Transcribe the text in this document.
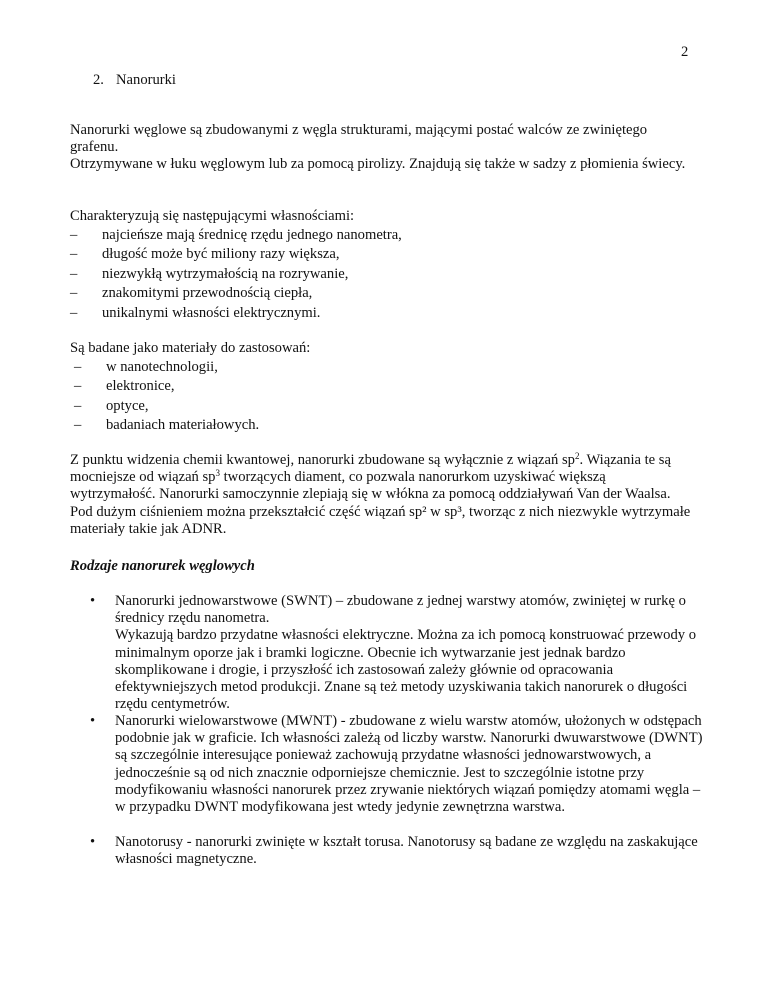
2
2. Nanorurki

Nanorurki węglowe są zbudowanymi z węgla strukturami, mającymi postać walców ze zwiniętego grafenu.

Otrzymywane w łuku węglowym lub za pomocą pirolizy. Znajdują się także w sadzy z płomienia świecy.

Charakteryzują się następującymi własnościami:
– najcieńsze mają średnicę rzędu jednego nanometra,
– długość może być miliony razy większa,
– niezwykłą wytrzymałością na rozrywanie,
– znakomitymi przewodnością ciepła,
– unikalnymi własności elektrycznymi.
Są badane jako materiały do zastosowań:
– w nanotechnologii,
– elektronice,
– optyce,
– badaniach materiałowych.

Z punktu widzenia chemii kwantowej, nanorurki zbudowane są wyłącznie z wiązań $sp^2$. Wiązania te są mocniejsze od wiązań $sp^3$ tworzących diament, co pozwala nanorurkom uzyskiwać większą wytrzymałość. Nanorurki samoczynnie zlepiają się w włókna za pomocą oddziaływań Van der Waalsa. Pod dużym ciśnieniem można przekształcić część wiązań sp² w sp³, tworząc z nich niezwykle wytrzymałe materiały takie jak ADNR.

Rodzaje nanorurek węglowych
• Nanorurki jednowarstwowe (SWNT) – zbudowane z jednej warstwy atomów, zwiniętej w rurkę o średnicy rzędu nanometra.

Wykazują bardzo przydatne własności elektryczne. Można za ich pomocą konstruować przewody o minimalnym oporze jak i bramki logiczne. Obecnie ich wytwarzanie jest jednak bardzo skomplikowane i drogie, i przyszłość ich zastosowań zależy głównie od opracowania efektywniejszych metod produkcji. Znane są też metody uzyskiwania takich nanorurek o długości rzędu centymetrów.

• Nanorurki wielowarstwowe (MWNT) - zbudowane z wielu warstw atomów, ułożonych w odstępach podobnie jak w graficie. Ich własności zależą od liczby warstw. Nanorurki dwuwarstwowe (DWNT) są szczególnie interesujące ponieważ zachowują przydatne własności jednowarstwowych, a jednocześnie są od nich znacznie odporniejsze chemicznie. Jest to szczególnie istotne przy modyfikowaniu własności nanorurek przez zrywanie niektórych wiązań pomiędzy atomami węgla – w przypadku DWNT modyfikowana jest wtedy jedynie zewnętrzna warstwa.

• Nanotorusy - nanorurki zwinięte w kształt torusa. Nanotorusy są badane ze względu na zaskakujące własności magnetyczne.
